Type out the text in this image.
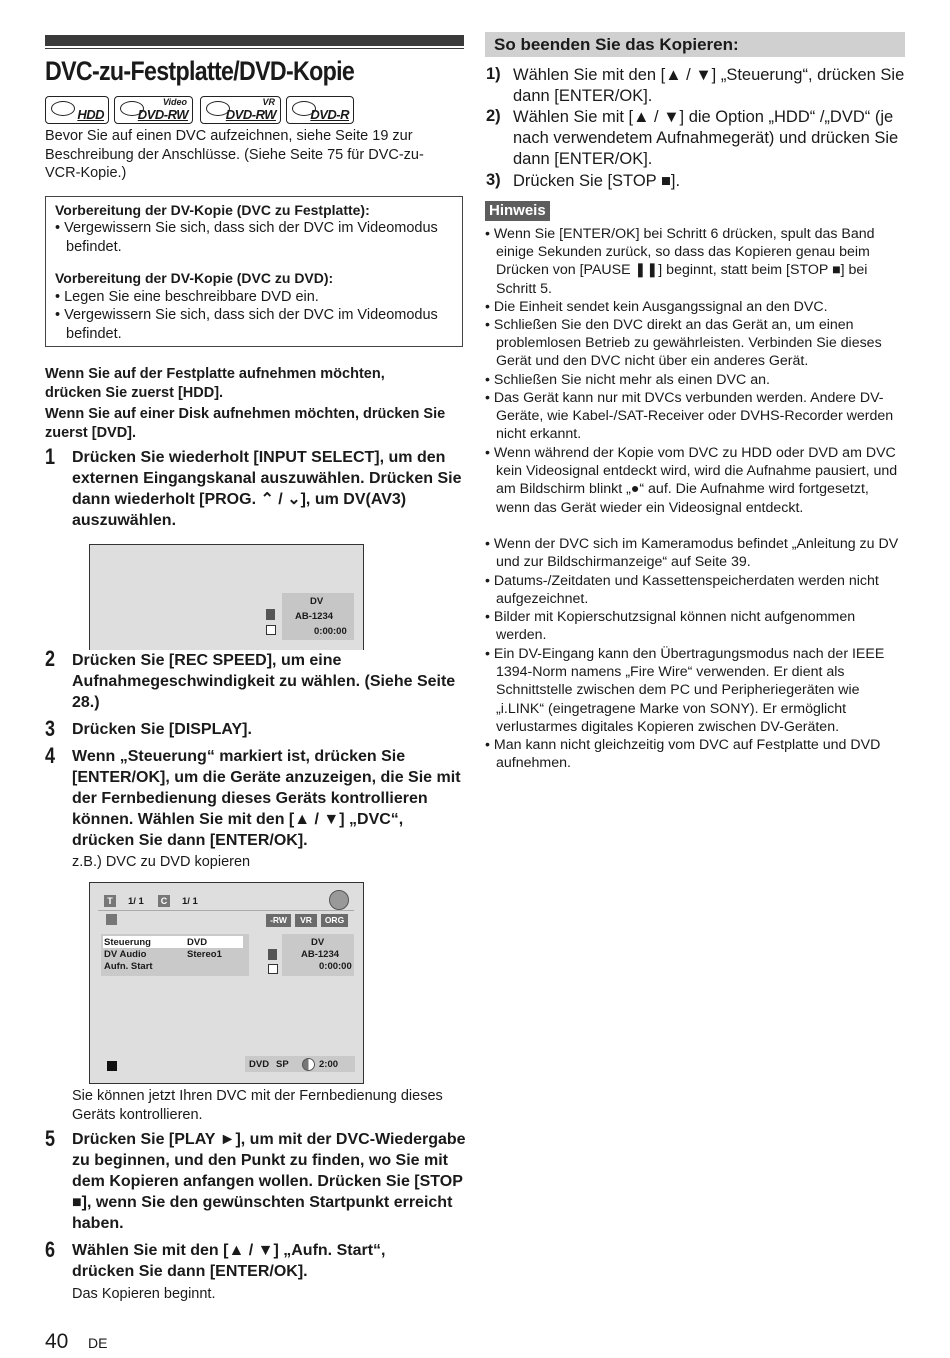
DVC-zu-Festplatte/DVD-Kopie
HDD
Video
DVD-RW
VR
DVD-RW	DVD-R
Bevor Sie auf einen DVC aufzeichnen, siehe Seite 19 zur Beschreibung der Anschlüsse. (Siehe Seite 75 für DVC-zu-VCR-Kopie.)
Vorbereitung der DV-Kopie (DVC zu Festplatte):
• Vergewissern Sie sich, dass sich der DVC im Videomodus befindet.
Vorbereitung der DV-Kopie (DVC zu DVD):
• Legen Sie eine beschreibbare DVD ein.
• Vergewissern Sie sich, dass sich der DVC im Videomodus befindet.
Wenn Sie auf der Festplatte aufnehmen möchten, drücken Sie zuerst [HDD].
Wenn Sie auf einer Disk aufnehmen möchten, drücken Sie zuerst [DVD].
1 Drücken Sie wiederholt [INPUT SELECT], um den externen Eingangskanal auszuwählen. Drücken Sie dann wiederholt [PROG. ⌃ / ⌄], um DV(AV3) auszuwählen.
DV
AB-1234
0:00:00
2 Drücken Sie [REC SPEED], um eine Aufnahmegeschwindigkeit zu wählen. (Siehe Seite 28.)
3 Drücken Sie [DISPLAY].
4 Wenn „Steuerung“ markiert ist, drücken Sie [ENTER/OK], um die Geräte anzuzeigen, die Sie mit der Fernbedienung dieses Geräts kontrollieren können. Wählen Sie mit den [▲ / ▼] „DVC“, drücken Sie dann [ENTER/OK].
z.B.) DVC zu DVD kopieren
T	1/ 1	C 1/ 1
-RW	VR	ORG
Steuerung	DVD
DV Audio	Stereo1
Aufn. Start
DV
AB-1234
0:00:00
DVD SP	2:00
Sie können jetzt Ihren DVC mit der Fernbedienung dieses Geräts kontrollieren.
5 Drücken Sie [PLAY ►], um mit der DVC-Wiedergabe zu beginnen, und den Punkt zu finden, wo Sie mit dem Kopieren anfangen wollen. Drücken Sie [STOP ■], wenn Sie den gewünschten Startpunkt erreicht haben.
6 Wählen Sie mit den [▲ / ▼] „Aufn. Start“, drücken Sie dann [ENTER/OK].
Das Kopieren beginnt.
40 DE
So beenden Sie das Kopieren:
1) Wählen Sie mit den [▲ / ▼] „Steuerung“, drücken Sie dann [ENTER/OK].
2) Wählen Sie mit [▲ / ▼] die Option „HDD“ /„DVD“ (je nach verwendetem Aufnahmegerät) und drücken Sie dann [ENTER/OK].
3) Drücken Sie [STOP ■].
Hinweis
• Wenn Sie [ENTER/OK] bei Schritt 6 drücken, spult das Band einige Sekunden zurück, so dass das Kopieren genau beim Drücken von [PAUSE ❚❚] beginnt, statt beim [STOP ■] bei Schritt 5.
• Die Einheit sendet kein Ausgangssignal an den DVC.
• Schließen Sie den DVC direkt an das Gerät an, um einen problemlosen Betrieb zu gewährleisten. Verbinden Sie dieses Gerät und den DVC nicht über ein anderes Gerät.
• Schließen Sie nicht mehr als einen DVC an.
• Das Gerät kann nur mit DVCs verbunden werden. Andere DV-Geräte, wie Kabel-/SAT-Receiver oder DVHS-Recorder werden nicht erkannt.
• Wenn während der Kopie vom DVC zu HDD oder DVD am DVC kein Videosignal entdeckt wird, wird die Aufnahme pausiert, und am Bildschirm blinkt „●“ auf. Die Aufnahme wird fortgesetzt, wenn das Gerät wieder ein Videosignal entdeckt.
• Wenn der DVC sich im Kameramodus befindet „Anleitung zu DV und zur Bildschirmanzeige“ auf Seite 39.
• Datums-/Zeitdaten und Kassettenspeicherdaten werden nicht aufgezeichnet.
• Bilder mit Kopierschutzsignal können nicht aufgenommen werden.
• Ein DV-Eingang kann den Übertragungsmodus nach der IEEE 1394-Norm namens „Fire Wire“ verwenden. Er dient als Schnittstelle zwischen dem PC und Peripheriegeräten wie „i.LINK“ (eingetragene Marke von SONY). Er ermöglicht verlustarmes digitales Kopieren zwischen DV-Geräten.
• Man kann nicht gleichzeitig vom DVC auf Festplatte und DVD aufnehmen.
